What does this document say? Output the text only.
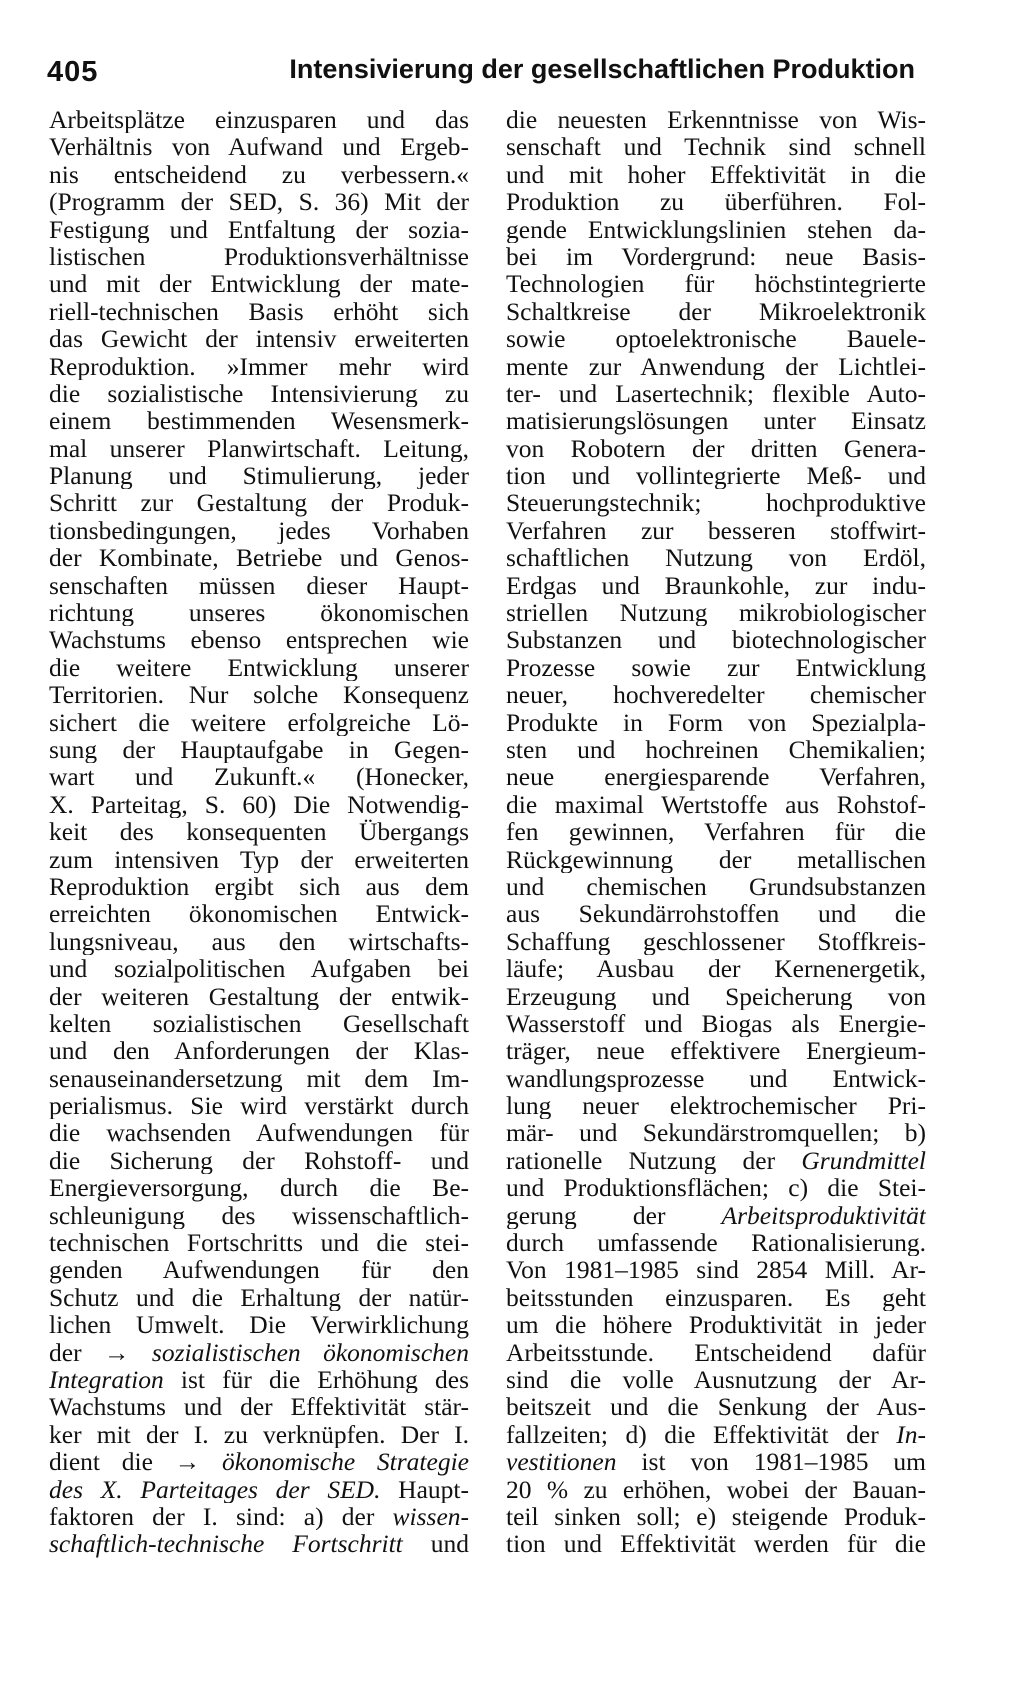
405	Intensivierung der gesellschaftlichen Produktion
Arbeitsplätze einzusparen und das
Verhältnis von Aufwand und Ergeb-
nis entscheidend zu verbessern.«
(Programm der SED, S. 36) Mit der
Festigung und Entfaltung der sozia-
listischen Produktionsverhältnisse
und mit der Entwicklung der mate-
riell-technischen Basis erhöht sich
das Gewicht der intensiv erweiterten
Reproduktion. »Immer mehr wird
die sozialistische Intensivierung zu
einem bestimmenden Wesensmerk-
mal unserer Planwirtschaft. Leitung,
Planung und Stimulierung, jeder
Schritt zur Gestaltung der Produk-
tionsbedingungen, jedes Vorhaben
der Kombinate, Betriebe und Genos-
senschaften müssen dieser Haupt-
richtung unseres ökonomischen
Wachstums ebenso entsprechen wie
die weitere Entwicklung unserer
Territorien. Nur solche Konsequenz
sichert die weitere erfolgreiche Lö-
sung der Hauptaufgabe in Gegen-
wart und Zukunft.« (Honecker,
X. Parteitag, S. 60) Die Notwendig-
keit des konsequenten Übergangs
zum intensiven Typ der erweiterten
Reproduktion ergibt sich aus dem
erreichten ökonomischen Entwick-
lungsniveau, aus den wirtschafts-
und sozialpolitischen Aufgaben bei
der weiteren Gestaltung der entwik-
kelten sozialistischen Gesellschaft
und den Anforderungen der Klas-
senauseinandersetzung mit dem Im-
perialismus. Sie wird verstärkt durch
die wachsenden Aufwendungen für
die Sicherung der Rohstoff- und
Energieversorgung, durch die Be-
schleunigung des wissenschaftlich-
technischen Fortschritts und die stei-
genden Aufwendungen für den
Schutz und die Erhaltung der natür-
lichen Umwelt. Die Verwirklichung
der → sozialistischen ökonomischen
Integration ist für die Erhöhung des
Wachstums und der Effektivität stär-
ker mit der I. zu verknüpfen. Der I.
dient die → ökonomische Strategie
des X. Parteitages der SED. Haupt-
faktoren der I. sind: a) der wissen-
schaftlich-technische Fortschritt und
die neuesten Erkenntnisse von Wis-
senschaft und Technik sind schnell
und mit hoher Effektivität in die
Produktion zu überführen. Fol-
gende Entwicklungslinien stehen da-
bei im Vordergrund: neue Basis-
Technologien für höchstintegrierte
Schaltkreise der Mikroelektronik
sowie optoelektronische Bauele-
mente zur Anwendung der Lichtlei-
ter- und Lasertechnik; flexible Auto-
matisierungslösungen unter Einsatz
von Robotern der dritten Genera-
tion und vollintegrierte Meß- und
Steuerungstechnik; hochproduktive
Verfahren zur besseren stoffwirt-
schaftlichen Nutzung von Erdöl,
Erdgas und Braunkohle, zur indu-
striellen Nutzung mikrobiologischer
Substanzen und biotechnologischer
Prozesse sowie zur Entwicklung
neuer, hochveredelter chemischer
Produkte in Form von Spezialpla-
sten und hochreinen Chemikalien;
neue energiesparende Verfahren,
die maximal Wertstoffe aus Rohstof-
fen gewinnen, Verfahren für die
Rückgewinnung der metallischen
und chemischen Grundsubstanzen
aus Sekundärrohstoffen und die
Schaffung geschlossener Stoffkreis-
läufe; Ausbau der Kernenergetik,
Erzeugung und Speicherung von
Wasserstoff und Biogas als Energie-
träger, neue effektivere Energieum-
wandlungsprozesse und Entwick-
lung neuer elektrochemischer Pri-
mär- und Sekundärstromquellen; b)
rationelle Nutzung der Grundmittel
und Produktionsflächen; c) die Stei-
gerung der Arbeitsproduktivität
durch umfassende Rationalisierung.
Von 1981–1985 sind 2854 Mill. Ar-
beitsstunden einzusparen. Es geht
um die höhere Produktivität in jeder
Arbeitsstunde. Entscheidend dafür
sind die volle Ausnutzung der Ar-
beitszeit und die Senkung der Aus-
fallzeiten; d) die Effektivität der In-
vestitionen ist von 1981–1985 um
20 % zu erhöhen, wobei der Bauan-
teil sinken soll; e) steigende Produk-
tion und Effektivität werden für die
